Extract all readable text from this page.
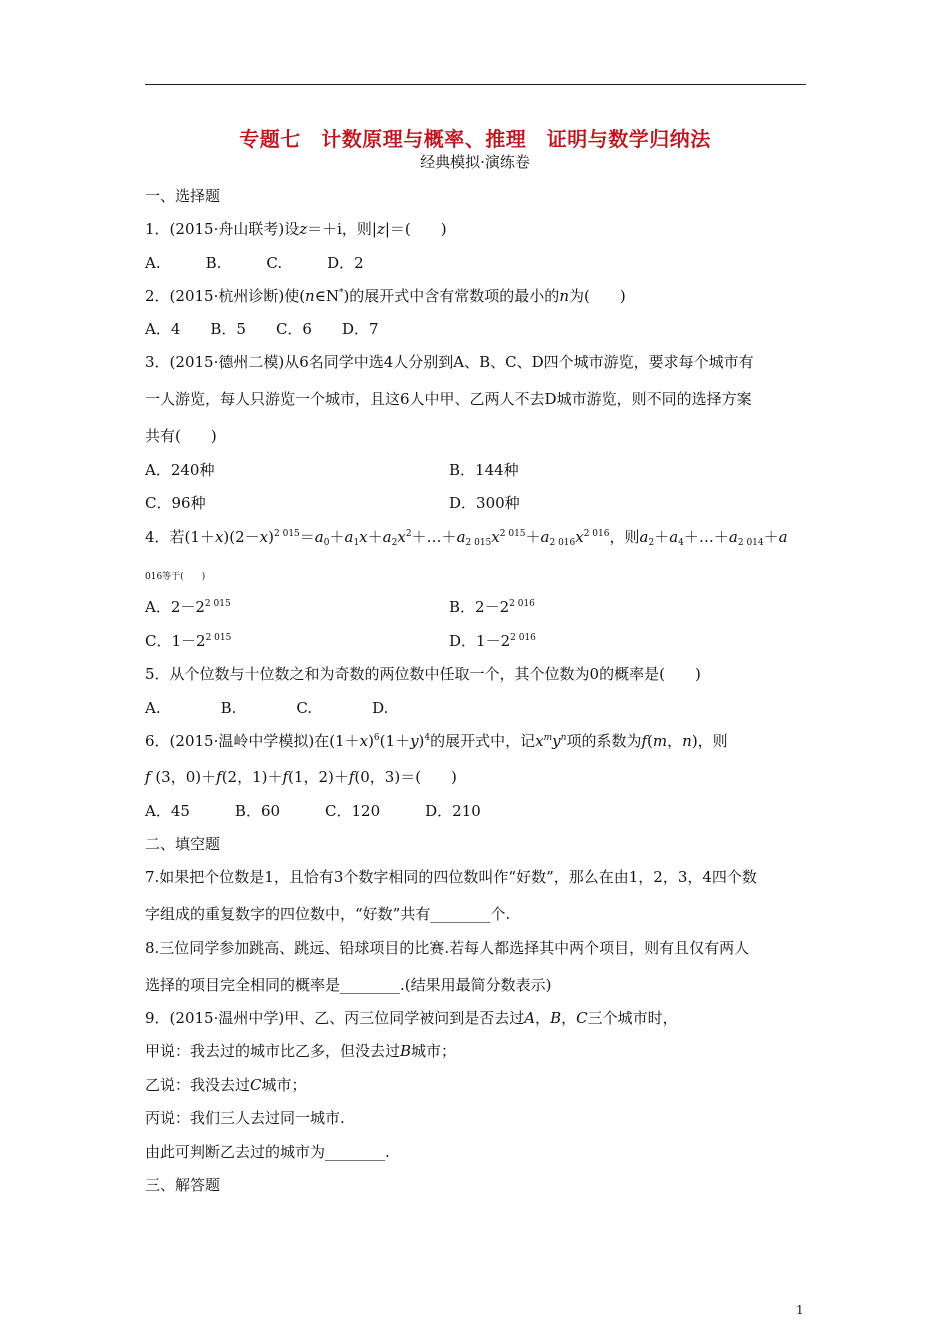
专题七　计数原理与概率、推理　证明与数学归纳法
经典模拟·演练卷
一、选择题
1．(2015·舟山联考)设z＝＋i，则|z|＝(　　)
A.　　　B.　　　C.　　　D．2
2．(2015·杭州诊断)使(n∈N*)的展开式中含有常数项的最小的n为(　　)
A．4　　B．5　　C．6　　D．7
3．(2015·德州二模)从6名同学中选4人分别到A、B、C、D四个城市游览，要求每个城市有
一人游览，每人只游览一个城市，且这6人中甲、乙两人不去D城市游览，则不同的选择方案
共有(　　)
A．240种	B．144种
C．96种	D．300种
4．若$(1+x)(2-x)^{2 015}=a_0+a_1x+a_2x^2+\dots+a_{2 015}x^{2 015}+a_{2 016}x^{2 016}$，则$a_2+a_4+\dots+a_{2 014}+a$
016等于(　　)
A．$2-2^{2 015}$	B．$2-2^{2 016}$
C．$1-2^{2 015}$	D．$1-2^{2 016}$
5．从个位数与十位数之和为奇数的两位数中任取一个，其个位数为0的概率是(　　)
A.　　　　B.　　　　C.　　　　D.
6．(2015·温岭中学模拟)在$(1+x)^6(1+y)^4$的展开式中，记$x^my^n$项的系数为f(m，n)，则
f (3，0)＋f(2，1)＋f(1，2)＋f(0，3)＝(　　)
A．45　　　B．60　　　C．120　　　D．210
二、填空题
7.如果把个位数是1，且恰有3个数字相同的四位数叫作“好数”，那么在由1，2，3，4四个数
字组成的重复数字的四位数中，“好数”共有________个.
8.三位同学参加跳高、跳远、铅球项目的比赛.若每人都选择其中两个项目，则有且仅有两人
选择的项目完全相同的概率是________.(结果用最简分数表示)
9．(2015·温州中学)甲、乙、丙三位同学被问到是否去过A，B，C三个城市时，
甲说：我去过的城市比乙多，但没去过B城市；
乙说：我没去过C城市；
丙说：我们三人去过同一城市.
由此可判断乙去过的城市为________.
三、解答题
1
